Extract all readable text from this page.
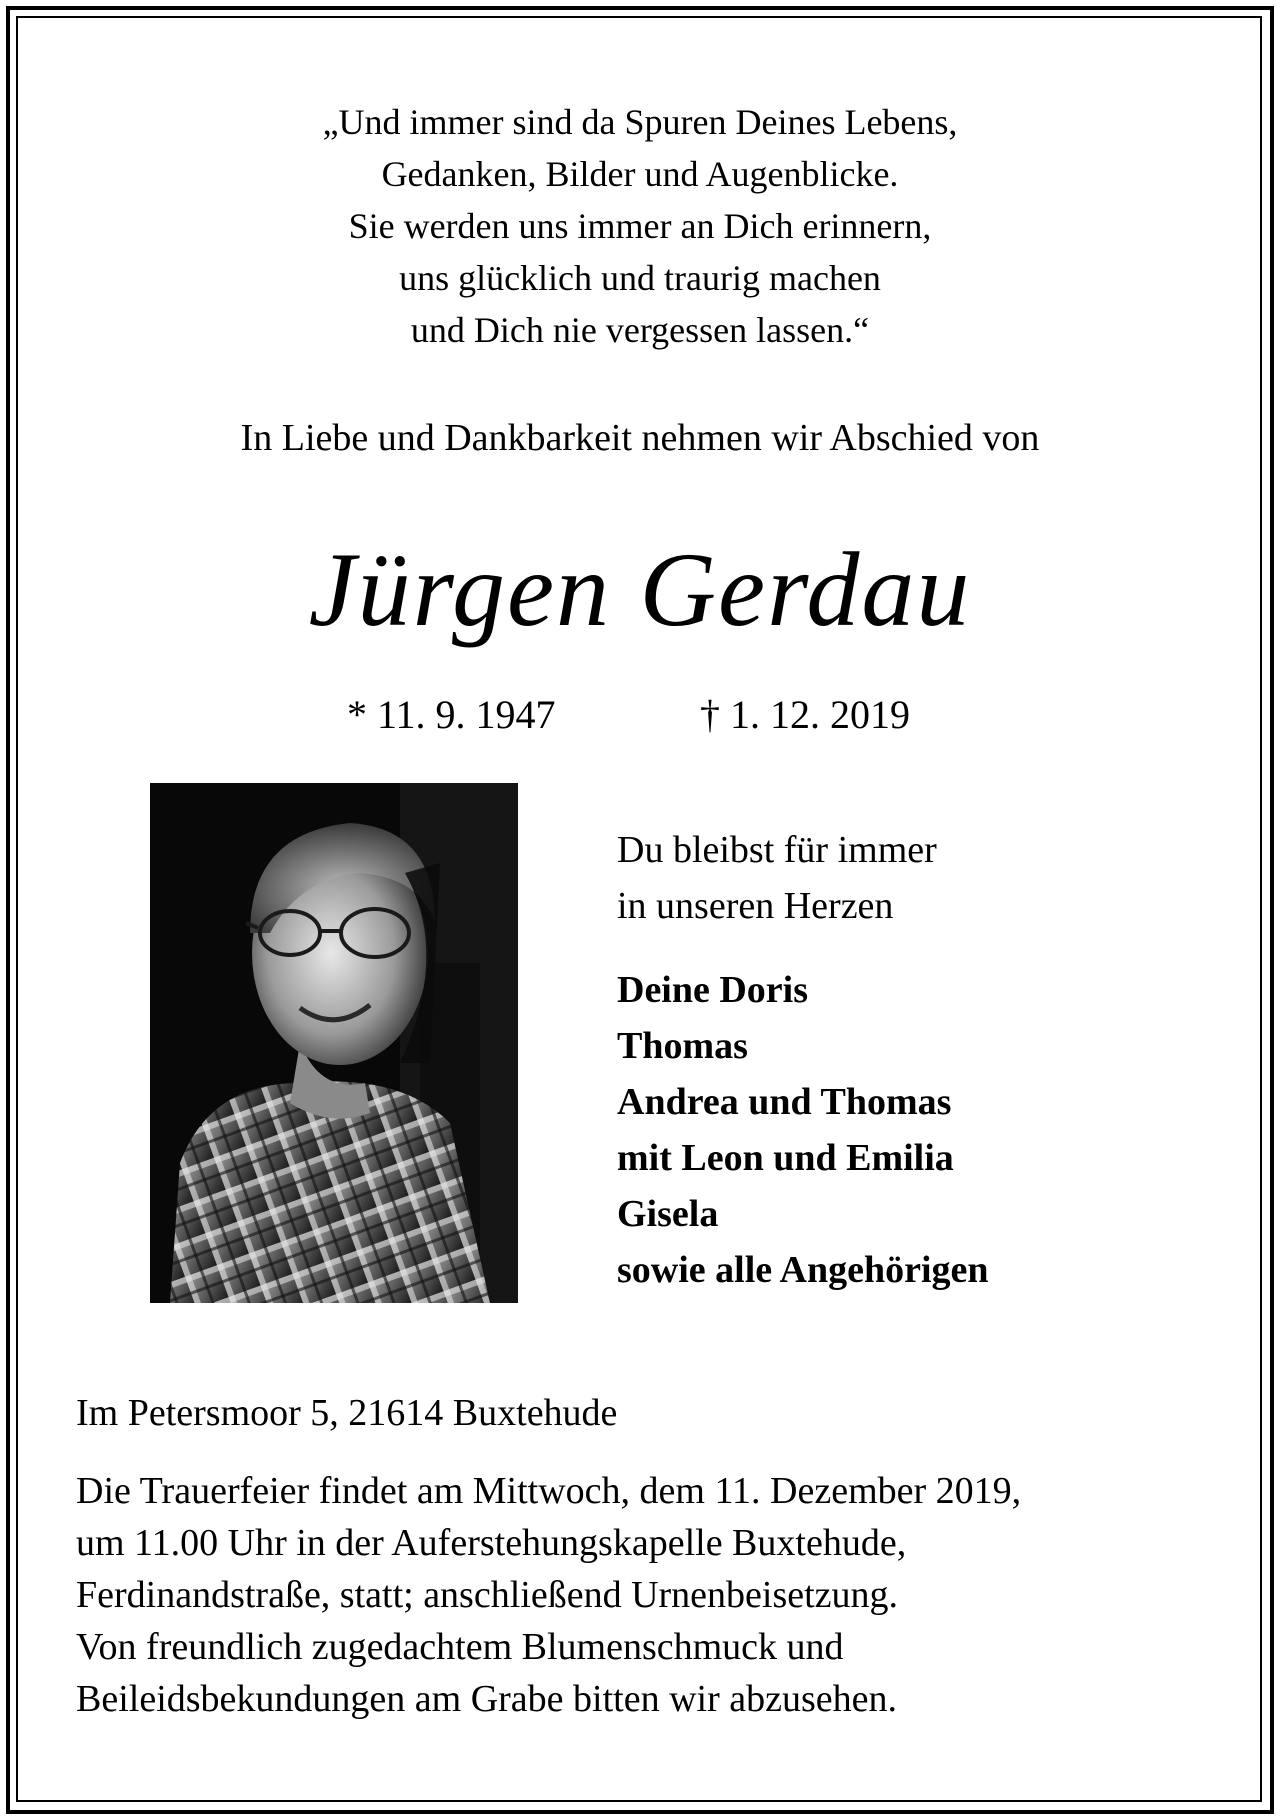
„Und immer sind da Spuren Deines Lebens,
Gedanken, Bilder und Augenblicke.
Sie werden uns immer an Dich erinnern,
uns glücklich und traurig machen
und Dich nie vergessen lassen.“
In Liebe und Dankbarkeit nehmen wir Abschied von
Jürgen Gerdau
* 11. 9. 1947	† 1. 12. 2019
Du bleibst für immer
in unseren Herzen
Deine Doris
Thomas
Andrea und Thomas
mit Leon und Emilia
Gisela
sowie alle Angehörigen
Im Petersmoor 5, 21614 Buxtehude
Die Trauerfeier findet am Mittwoch, dem 11. Dezember 2019,
um 11.00 Uhr in der Auferstehungskapelle Buxtehude,
Ferdinandstraße, statt; anschließend Urnenbeisetzung.
Von freundlich zugedachtem Blumenschmuck und
Beileidsbekundungen am Grabe bitten wir abzusehen.
